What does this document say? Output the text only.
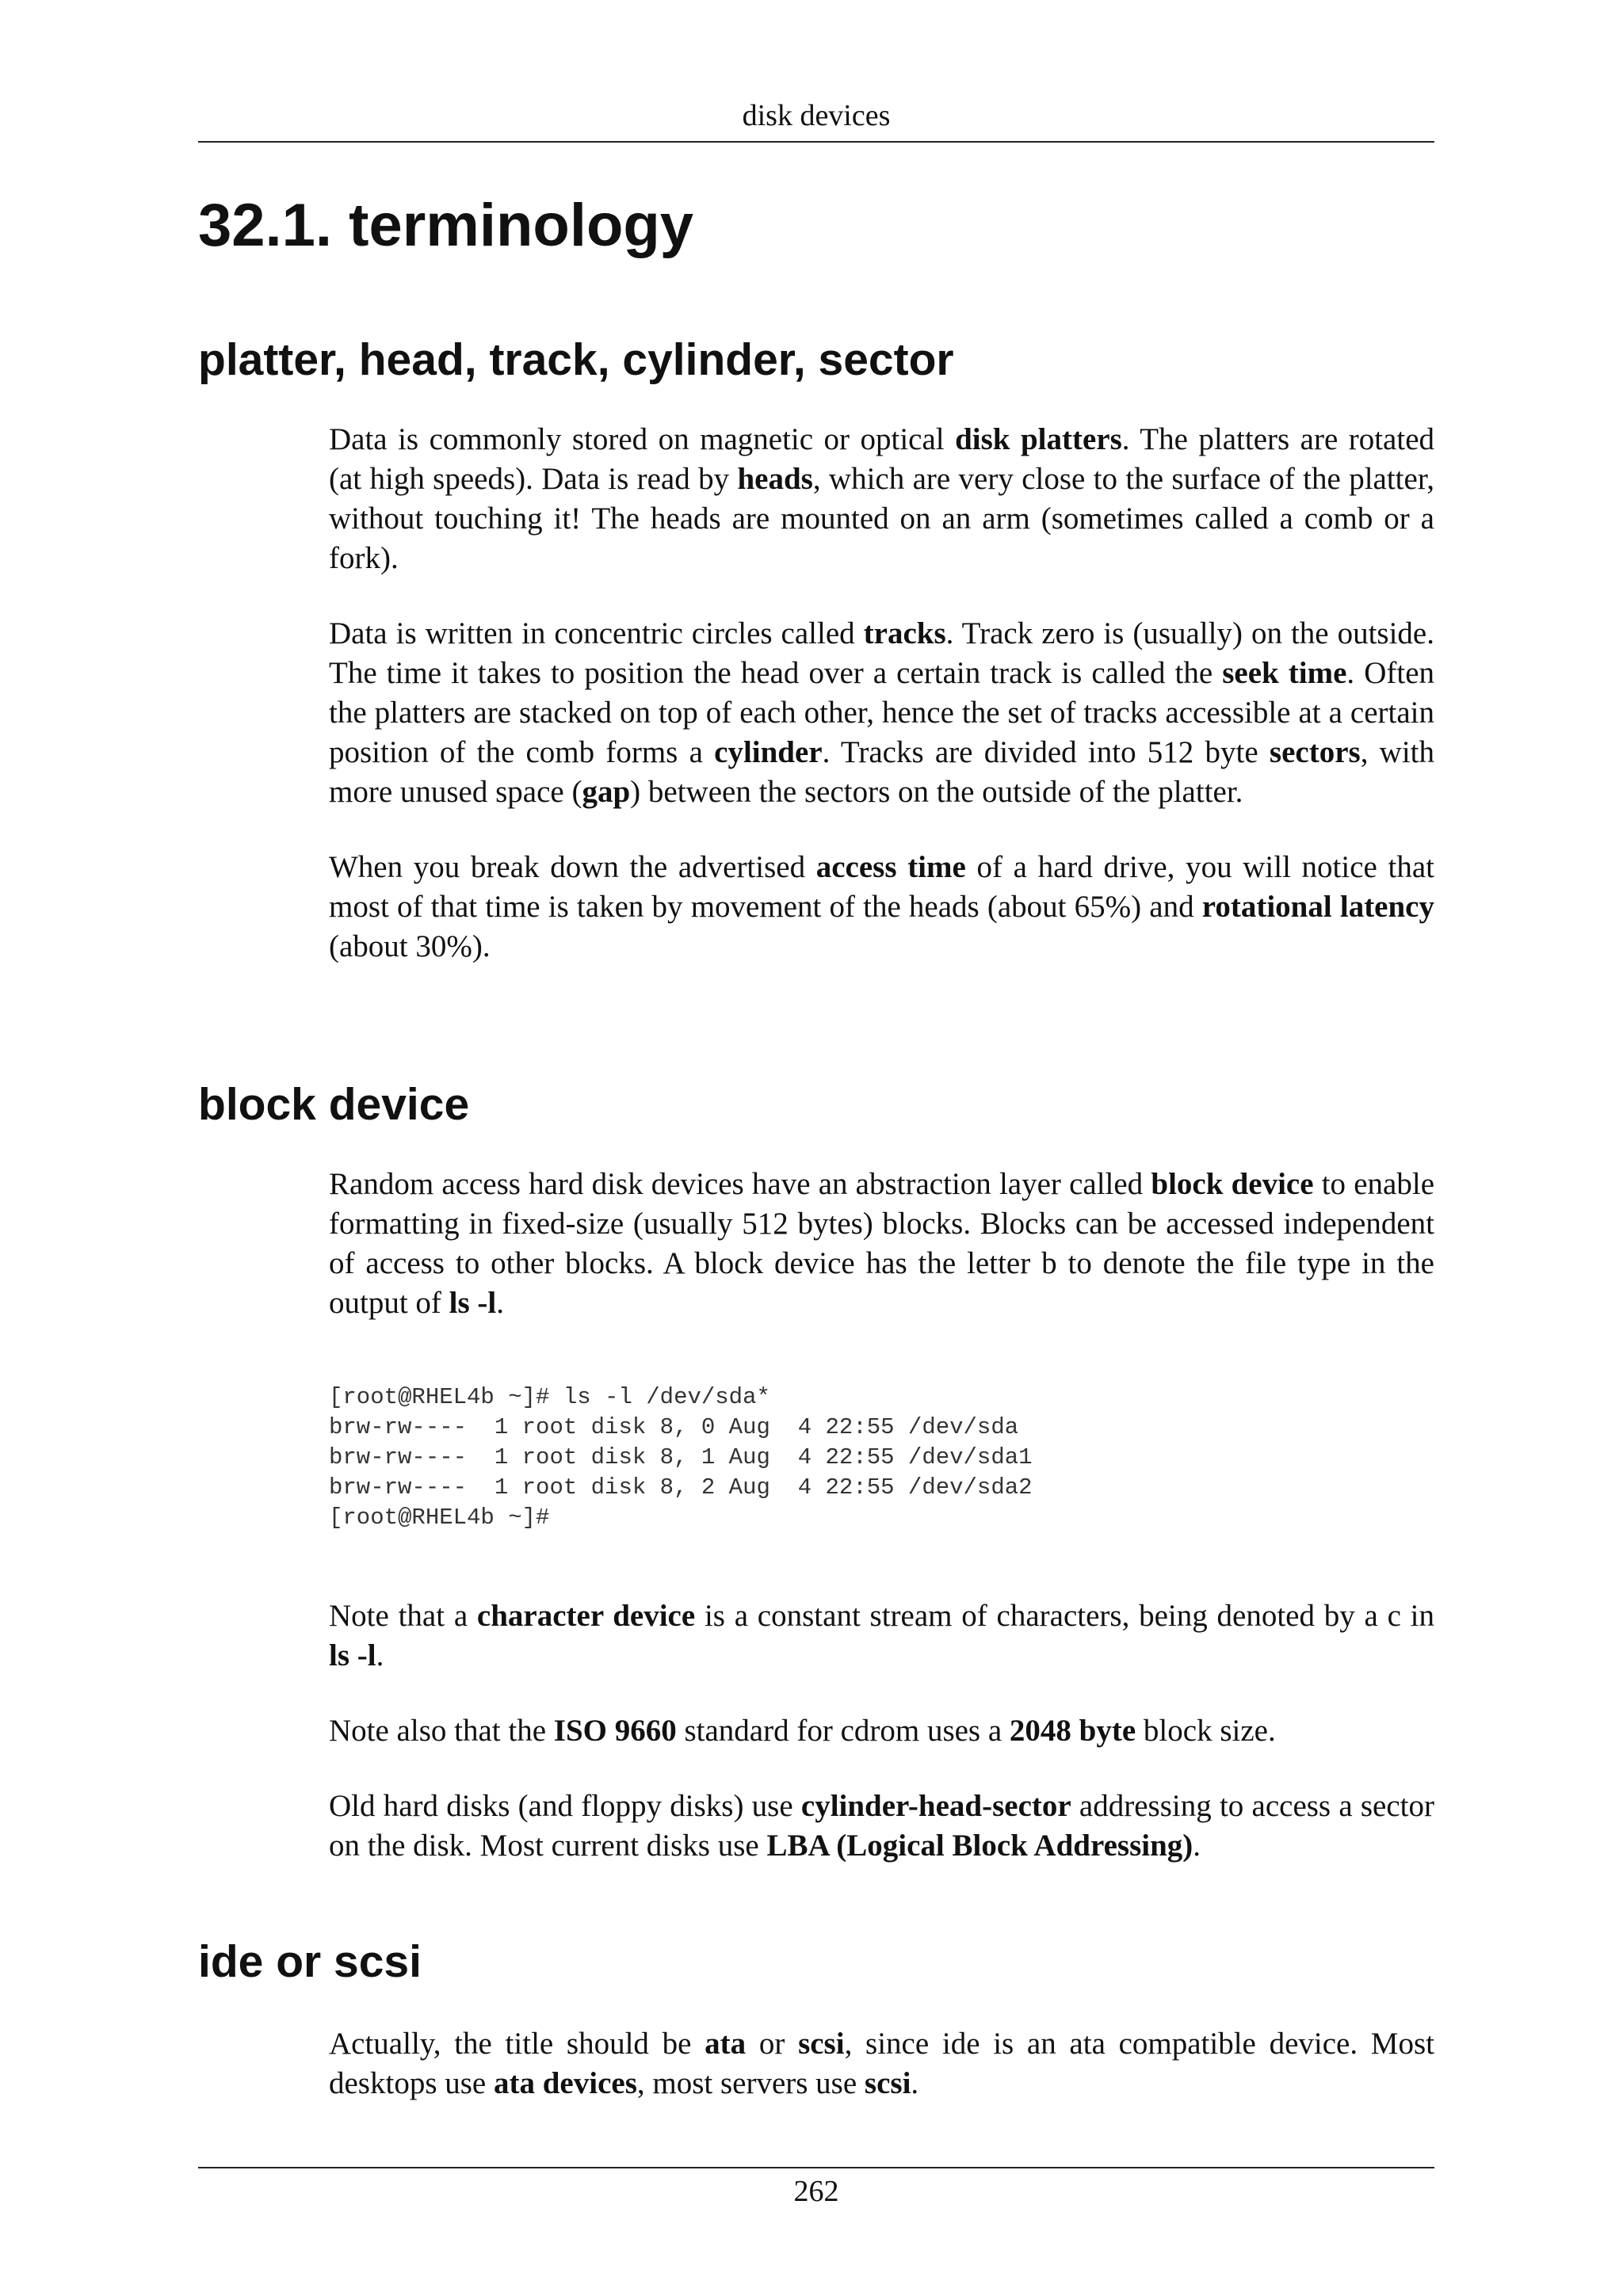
disk devices
32.1. terminology
platter, head, track, cylinder, sector

Data is commonly stored on magnetic or optical disk platters. The platters are rotated (at high speeds). Data is read by heads, which are very close to the surface of the platter, without touching it! The heads are mounted on an arm (sometimes called a comb or a fork).

Data is written in concentric circles called tracks. Track zero is (usually) on the outside. The time it takes to position the head over a certain track is called the seek time. Often the platters are stacked on top of each other, hence the set of tracks accessible at a certain position of the comb forms a cylinder. Tracks are divided into 512 byte sectors, with more unused space (gap) between the sectors on the outside of the platter.

When you break down the advertised access time of a hard drive, you will notice that most of that time is taken by movement of the heads (about 65%) and rotational latency (about 30%).

block device

Random access hard disk devices have an abstraction layer called block device to enable formatting in fixed-size (usually 512 bytes) blocks. Blocks can be accessed independent of access to other blocks. A block device has the letter b to denote the file type in the output of ls -l.

[root@RHEL4b ~]# ls -l /dev/sda*
brw-rw----  1 root disk 8, 0 Aug  4 22:55 /dev/sda
brw-rw----  1 root disk 8, 1 Aug  4 22:55 /dev/sda1
brw-rw----  1 root disk 8, 2 Aug  4 22:55 /dev/sda2
[root@RHEL4b ~]#

Note that a character device is a constant stream of characters, being denoted by a c in ls -l.

Note also that the ISO 9660 standard for cdrom uses a 2048 byte block size.

Old hard disks (and floppy disks) use cylinder-head-sector addressing to access a sector on the disk. Most current disks use LBA (Logical Block Addressing).

ide or scsi

Actually, the title should be ata or scsi, since ide is an ata compatible device. Most desktops use ata devices, most servers use scsi.

262
